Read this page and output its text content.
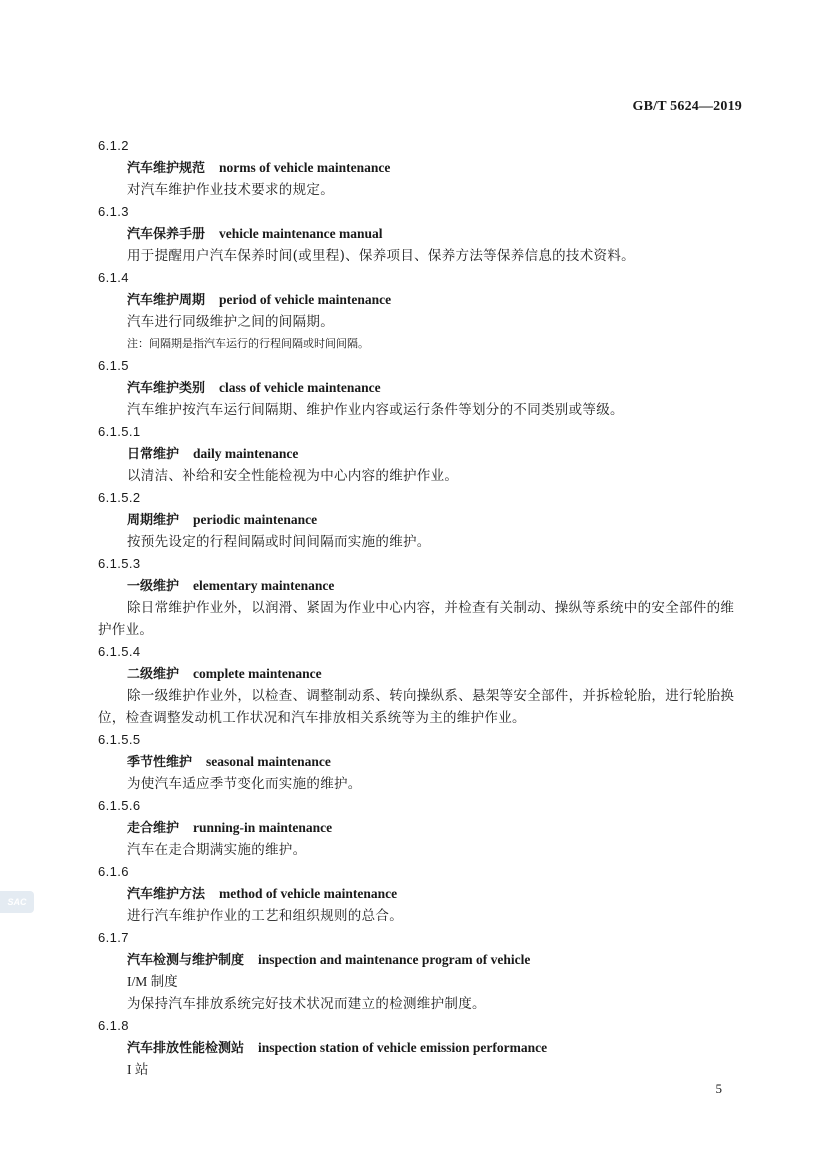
GB/T 5624—2019
SAC
6.1.2
汽车维护规范 norms of vehicle maintenance
对汽车维护作业技术要求的规定。
6.1.3
汽车保养手册 vehicle maintenance manual
用于提醒用户汽车保养时间(或里程)、保养项目、保养方法等保养信息的技术资料。
6.1.4
汽车维护周期 period of vehicle maintenance
汽车进行同级维护之间的间隔期。
注：间隔期是指汽车运行的行程间隔或时间间隔。
6.1.5
汽车维护类别 class of vehicle maintenance
汽车维护按汽车运行间隔期、维护作业内容或运行条件等划分的不同类别或等级。
6.1.5.1
日常维护 daily maintenance
以清洁、补给和安全性能检视为中心内容的维护作业。
6.1.5.2
周期维护 periodic maintenance
按预先设定的行程间隔或时间间隔而实施的维护。
6.1.5.3
一级维护 elementary maintenance
除日常维护作业外，以润滑、紧固为作业中心内容，并检查有关制动、操纵等系统中的安全部件的维护作业。
6.1.5.4
二级维护 complete maintenance
除一级维护作业外，以检查、调整制动系、转向操纵系、悬架等安全部件，并拆检轮胎，进行轮胎换位，检查调整发动机工作状况和汽车排放相关系统等为主的维护作业。
6.1.5.5
季节性维护 seasonal maintenance
为使汽车适应季节变化而实施的维护。
6.1.5.6
走合维护 running-in maintenance
汽车在走合期满实施的维护。
6.1.6
汽车维护方法 method of vehicle maintenance
进行汽车维护作业的工艺和组织规则的总合。
6.1.7
汽车检测与维护制度 inspection and maintenance program of vehicle
I/M 制度
为保持汽车排放系统完好技术状况而建立的检测维护制度。
6.1.8
汽车排放性能检测站 inspection station of vehicle emission performance
I 站
5
